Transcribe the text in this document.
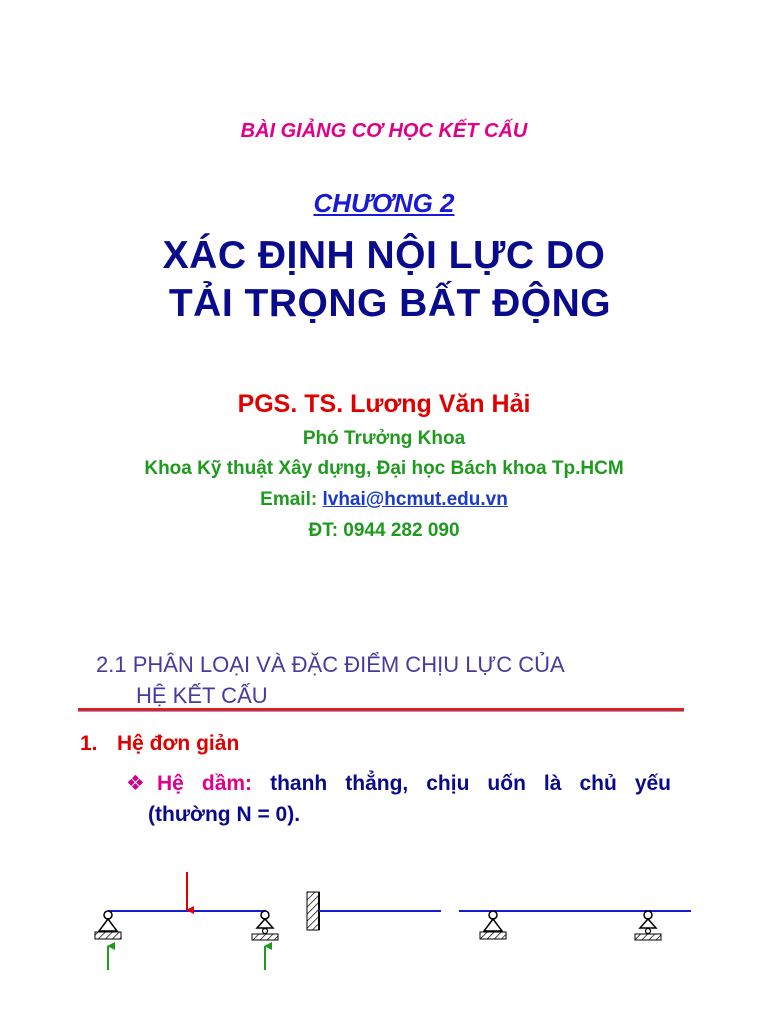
BÀI GIẢNG CƠ HỌC KẾT CẤU
CHƯƠNG 2
XÁC ĐỊNH NỘI LỰC DO
TẢI TRỌNG BẤT ĐỘNG
PGS. TS. Lương Văn Hải
Phó Trưởng Khoa
Khoa Kỹ thuật Xây dựng, Đại học Bách khoa Tp.HCM
Email: lvhai@hcmut.edu.vn
ĐT: 0944 282 090
2.1 PHÂN LOẠI VÀ ĐẶC ĐIỂM CHỊU LỰC CỦA
HỆ KẾT CẤU
1. Hệ đơn giản
❖Hệ dầm: thanh thẳng, chịu uốn là chủ yếu
(thường N = 0).
